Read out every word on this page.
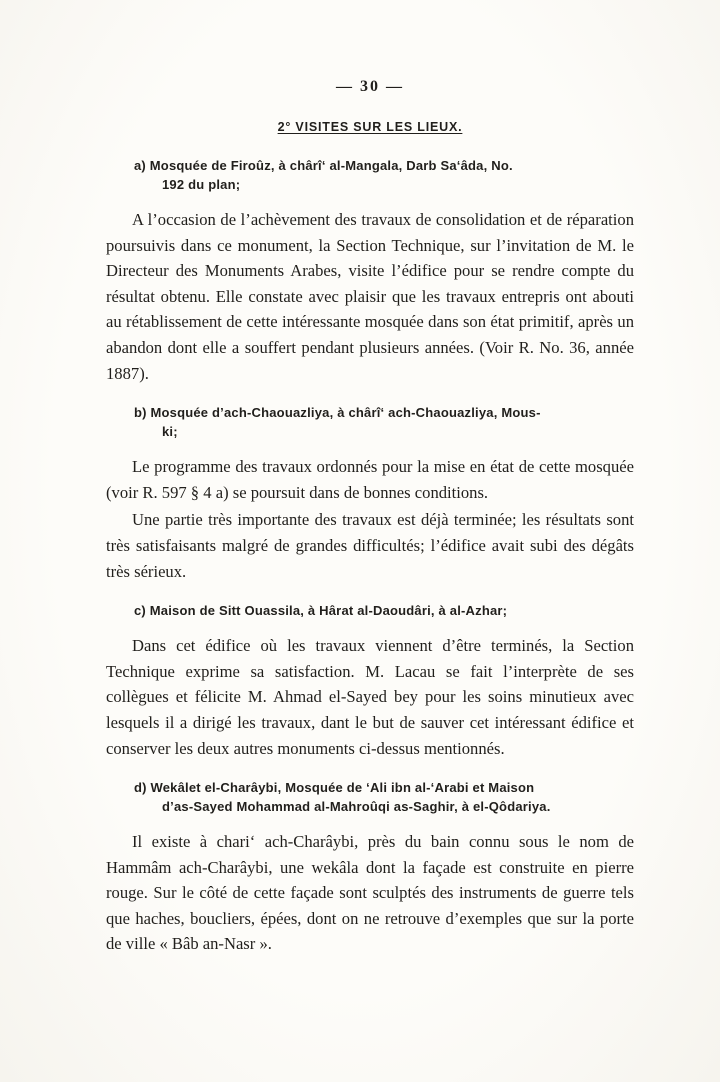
— 30 —
2° VISITES SUR LES LIEUX.
a) Mosquée de Firoûz, à chârî‘ al-Mangala, Darb Sa‘âda, No.
192 du plan;

A l’occasion de l’achèvement des travaux de consolidation et de réparation poursuivis dans ce monument, la Section Technique, sur l’invitation de M. le Directeur des Monuments Arabes, visite l’édifice pour se rendre compte du résultat obtenu. Elle constate avec plaisir que les travaux entrepris ont abouti au rétablissement de cette intéressante mosquée dans son état primitif, après un abandon dont elle a souffert pendant plusieurs années. (Voir R. No. 36, année 1887).

b) Mosquée d’ach-Chaouazliya, à chârî‘ ach-Chaouazliya, Mous-
ki;

Le programme des travaux ordonnés pour la mise en état de cette mosquée (voir R. 597 § 4 a) se poursuit dans de bonnes conditions.

Une partie très importante des travaux est déjà terminée; les résultats sont très satisfaisants malgré de grandes difficultés; l’édifice avait subi des dégâts très sérieux.

c) Maison de Sitt Ouassila, à Hârat al-Daoudâri, à al-Azhar;

Dans cet édifice où les travaux viennent d’être terminés, la Section Technique exprime sa satisfaction. M. Lacau se fait l’interprète de ses collègues et félicite M. Ahmad el-Sayed bey pour les soins minutieux avec lesquels il a dirigé les travaux, dant le but de sauver cet intéressant édifice et conserver les deux autres monuments ci-dessus mentionnés.

d) Wekâlet el-Charâybi, Mosquée de ‘Ali ibn al-‘Arabi et Maison
d’as-Sayed Mohammad al-Mahroûqi as-Saghir, à el-Qôdariya.

Il existe à chari‘ ach-Charâybi, près du bain connu sous le nom de Hammâm ach-Charâybi, une wekâla dont la façade est construite en pierre rouge. Sur le côté de cette façade sont sculptés des instruments de guerre tels que haches, boucliers, épées, dont on ne retrouve d’exemples que sur la porte de ville « Bâb an-Nasr ».
